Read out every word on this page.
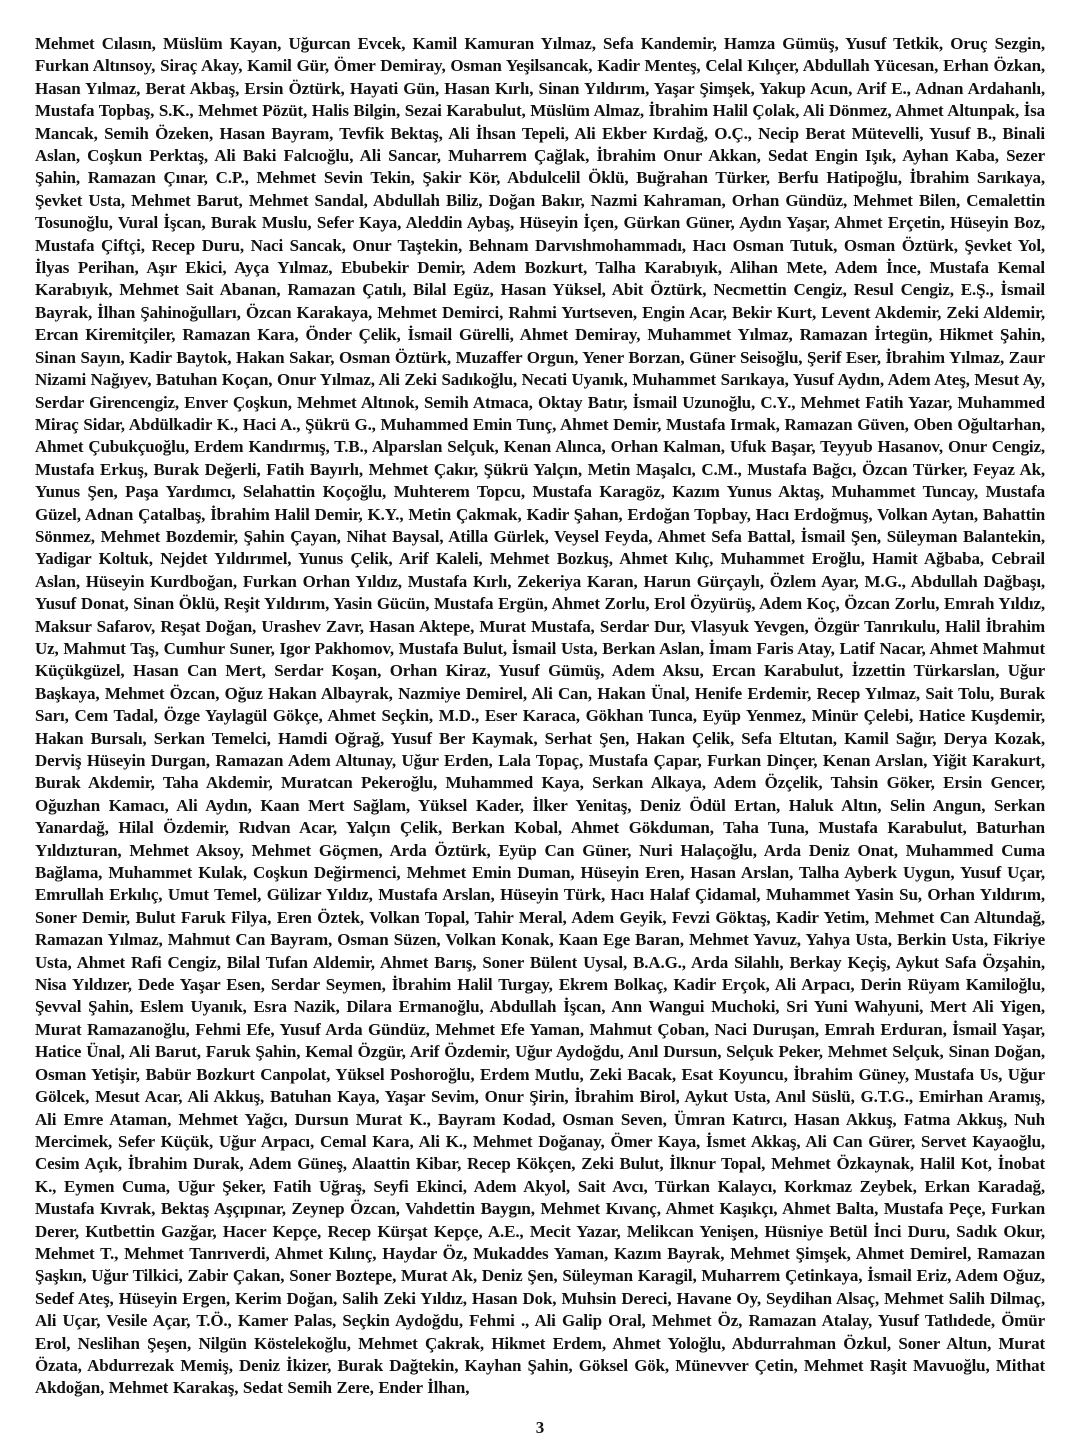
Mehmet Cılasın, Müslüm Kayan, Uğurcan Evcek, Kamil Kamuran Yılmaz, Sefa Kandemir, Hamza Gümüş, Yusuf Tetkik, Oruç Sezgin, Furkan Altınsoy, Siraç Akay, Kamil Gür, Ömer Demiray, Osman Yeşilsancak, Kadir Menteş, Celal Kılıçer, Abdullah Yücesan, Erhan Özkan, Hasan Yılmaz, Berat Akbaş, Ersin Öztürk, Hayati Gün, Hasan Kırlı, Sinan Yıldırım, Yaşar Şimşek, Yakup Acun, Arif E., Adnan Ardahanlı, Mustafa Topbaş, S.K., Mehmet Pözüt, Halis Bilgin, Sezai Karabulut, Müslüm Almaz, İbrahim Halil Çolak, Ali Dönmez, Ahmet Altunpak, İsa Mancak, Semih Özeken, Hasan Bayram, Tevfik Bektaş, Ali İhsan Tepeli, Ali Ekber Kırdağ, O.Ç., Necip Berat Mütevelli, Yusuf B., Binali Aslan, Coşkun Perktaş, Ali Baki Falcıoğlu, Ali Sancar, Muharrem Çağlak, İbrahim Onur Akkan, Sedat Engin Işık, Ayhan Kaba, Sezer Şahin, Ramazan Çınar, C.P., Mehmet Sevin Tekin, Şakir Kör, Abdulcelil Öklü, Buğrahan Türker, Berfu Hatipoğlu, İbrahim Sarıkaya, Şevket Usta, Mehmet Barut, Mehmet Sandal, Abdullah Biliz, Doğan Bakır, Nazmi Kahraman, Orhan Gündüz, Mehmet Bilen, Cemalettin Tosunoğlu, Vural İşcan, Burak Muslu, Sefer Kaya, Aleddin Aybaş, Hüseyin İçen, Gürkan Güner, Aydın Yaşar, Ahmet Erçetin, Hüseyin Boz, Mustafa Çiftçi, Recep Duru, Naci Sancak, Onur Taştekin, Behnam Darvıshmohammadı, Hacı Osman Tutuk, Osman Öztürk, Şevket Yol, İlyas Perihan, Aşır Ekici, Ayça Yılmaz, Ebubekir Demir, Adem Bozkurt, Talha Karabıyık, Alihan Mete, Adem İnce, Mustafa Kemal Karabıyık, Mehmet Sait Abanan, Ramazan Çatılı, Bilal Egüz, Hasan Yüksel, Abit Öztürk, Necmettin Cengiz, Resul Cengiz, E.Ş., İsmail Bayrak, İlhan Şahinoğulları, Özcan Karakaya, Mehmet Demirci, Rahmi Yurtseven, Engin Acar, Bekir Kurt, Levent Akdemir, Zeki Aldemir, Ercan Kiremitçiler, Ramazan Kara, Önder Çelik, İsmail Gürelli, Ahmet Demiray, Muhammet Yılmaz, Ramazan İrtegün, Hikmet Şahin, Sinan Sayın, Kadir Baytok, Hakan Sakar, Osman Öztürk, Muzaffer Orgun, Yener Borzan, Güner Seisoğlu, Şerif Eser, İbrahim Yılmaz, Zaur Nizami Nağıyev, Batuhan Koçan, Onur Yılmaz, Ali Zeki Sadıkoğlu, Necati Uyanık, Muhammet Sarıkaya, Yusuf Aydın, Adem Ateş, Mesut Ay, Serdar Girencengiz, Enver Çoşkun, Mehmet Altınok, Semih Atmaca, Oktay Batır, İsmail Uzunoğlu, C.Y., Mehmet Fatih Yazar, Muhammed Miraç Sidar, Abdülkadir K., Haci A., Şükrü G., Muhammed Emin Tunç, Ahmet Demir, Mustafa Irmak, Ramazan Güven, Oben Oğultarhan, Ahmet Çubukçuoğlu, Erdem Kandırmış, T.B., Alparslan Selçuk, Kenan Alınca, Orhan Kalman, Ufuk Başar, Teyyub Hasanov, Onur Cengiz, Mustafa Erkuş, Burak Değerli, Fatih Bayırlı, Mehmet Çakır, Şükrü Yalçın, Metin Maşalcı, C.M., Mustafa Bağcı, Özcan Türker, Feyaz Ak, Yunus Şen, Paşa Yardımcı, Selahattin Koçoğlu, Muhterem Topcu, Mustafa Karagöz, Kazım Yunus Aktaş, Muhammet Tuncay, Mustafa Güzel, Adnan Çatalbaş, İbrahim Halil Demir, K.Y., Metin Çakmak, Kadir Şahan, Erdoğan Topbay, Hacı Erdoğmuş, Volkan Aytan, Bahattin Sönmez, Mehmet Bozdemir, Şahin Çayan, Nihat Baysal, Atilla Gürlek, Veysel Feyda, Ahmet Sefa Battal, İsmail Şen, Süleyman Balantekin, Yadigar Koltuk, Nejdet Yıldırımel, Yunus Çelik, Arif Kaleli, Mehmet Bozkuş, Ahmet Kılıç, Muhammet Eroğlu, Hamit Ağbaba, Cebrail Aslan, Hüseyin Kurdboğan, Furkan Orhan Yıldız, Mustafa Kırlı, Zekeriya Karan, Harun Gürçaylı, Özlem Ayar, M.G., Abdullah Dağbaşı, Yusuf Donat, Sinan Öklü, Reşit Yıldırım, Yasin Gücün, Mustafa Ergün, Ahmet Zorlu, Erol Özyürüş, Adem Koç, Özcan Zorlu, Emrah Yıldız, Maksur Safarov, Reşat Doğan, Urashev Zavr, Hasan Aktepe, Murat Mustafa, Serdar Dur, Vlasyuk Yevgen, Özgür Tanrıkulu, Halil İbrahim Uz, Mahmut Taş, Cumhur Suner, Igor Pakhomov, Mustafa Bulut, İsmail Usta, Berkan Aslan, İmam Faris Atay, Latif Nacar, Ahmet Mahmut Küçükgüzel, Hasan Can Mert, Serdar Koşan, Orhan Kiraz, Yusuf Gümüş, Adem Aksu, Ercan Karabulut, İzzettin Türkarslan, Uğur Başkaya, Mehmet Özcan, Oğuz Hakan Albayrak, Nazmiye Demirel, Ali Can, Hakan Ünal, Henife Erdemir, Recep Yılmaz, Sait Tolu, Burak Sarı, Cem Tadal, Özge Yaylagül Gökçe, Ahmet Seçkin, M.D., Eser Karaca, Gökhan Tunca, Eyüp Yenmez, Minür Çelebi, Hatice Kuşdemir, Hakan Bursalı, Serkan Temelci, Hamdi Oğrağ, Yusuf Ber Kaymak, Serhat Şen, Hakan Çelik, Sefa Eltutan, Kamil Sağır, Derya Kozak, Derviş Hüseyin Durgan, Ramazan Adem Altunay, Uğur Erden, Lala Topaç, Mustafa Çapar, Furkan Dinçer, Kenan Arslan, Yiğit Karakurt, Burak Akdemir, Taha Akdemir, Muratcan Pekeroğlu, Muhammed Kaya, Serkan Alkaya, Adem Özçelik, Tahsin Göker, Ersin Gencer, Oğuzhan Kamacı, Ali Aydın, Kaan Mert Sağlam, Yüksel Kader, İlker Yenitaş, Deniz Ödül Ertan, Haluk Altın, Selin Angun, Serkan Yanardağ, Hilal Özdemir, Rıdvan Acar, Yalçın Çelik, Berkan Kobal, Ahmet Gökduman, Taha Tuna, Mustafa Karabulut, Baturhan Yıldızturan, Mehmet Aksoy, Mehmet Göçmen, Arda Öztürk, Eyüp Can Güner, Nuri Halaçoğlu, Arda Deniz Onat, Muhammed Cuma Bağlama, Muhammet Kulak, Coşkun Değirmenci, Mehmet Emin Duman, Hüseyin Eren, Hasan Arslan, Talha Ayberk Uygun, Yusuf Uçar, Emrullah Erkılıç, Umut Temel, Gülizar Yıldız, Mustafa Arslan, Hüseyin Türk, Hacı Halaf Çidamal, Muhammet Yasin Su, Orhan Yıldırım, Soner Demir, Bulut Faruk Filya, Eren Öztek, Volkan Topal, Tahir Meral, Adem Geyik, Fevzi Göktaş, Kadir Yetim, Mehmet Can Altundağ, Ramazan Yılmaz, Mahmut Can Bayram, Osman Süzen, Volkan Konak, Kaan Ege Baran, Mehmet Yavuz, Yahya Usta, Berkin Usta, Fikriye Usta, Ahmet Rafi Cengiz, Bilal Tufan Aldemir, Ahmet Barış, Soner Bülent Uysal, B.A.G., Arda Silahlı, Berkay Keçiş, Aykut Safa Özşahin, Nisa Yıldızer, Dede Yaşar Esen, Serdar Seymen, İbrahim Halil Turgay, Ekrem Bolkaç, Kadir Erçok, Ali Arpacı, Derin Rüyam Kamiloğlu, Şevval Şahin, Eslem Uyanık, Esra Nazik, Dilara Ermanoğlu, Abdullah İşcan, Ann Wangui Muchoki, Sri Yuni Wahyuni, Mert Ali Yigen, Murat Ramazanoğlu, Fehmi Efe, Yusuf Arda Gündüz, Mehmet Efe Yaman, Mahmut Çoban, Naci Duruşan, Emrah Erduran, İsmail Yaşar, Hatice Ünal, Ali Barut, Faruk Şahin, Kemal Özgür, Arif Özdemir, Uğur Aydoğdu, Anıl Dursun, Selçuk Peker, Mehmet Selçuk, Sinan Doğan, Osman Yetişir, Babür Bozkurt Canpolat, Yüksel Poshoroğlu, Erdem Mutlu, Zeki Bacak, Esat Koyuncu, İbrahim Güney, Mustafa Us, Uğur Gölcek, Mesut Acar, Ali Akkuş, Batuhan Kaya, Yaşar Sevim, Onur Şirin, İbrahim Birol, Aykut Usta, Anıl Süslü, G.T.G., Emirhan Aramış, Ali Emre Ataman, Mehmet Yağcı, Dursun Murat K., Bayram Kodad, Osman Seven, Ümran Katırcı, Hasan Akkuş, Fatma Akkuş, Nuh Mercimek, Sefer Küçük, Uğur Arpacı, Cemal Kara, Ali K., Mehmet Doğanay, Ömer Kaya, İsmet Akkaş, Ali Can Gürer, Servet Kayaoğlu, Cesim Açık, İbrahim Durak, Adem Güneş, Alaattin Kibar, Recep Kökçen, Zeki Bulut, İlknur Topal, Mehmet Özkaynak, Halil Kot, İnobat K., Eymen Cuma, Uğur Şeker, Fatih Uğraş, Seyfi Ekinci, Adem Akyol, Sait Avcı, Türkan Kalaycı, Korkmaz Zeybek, Erkan Karadağ, Mustafa Kıvrak, Bektaş Aşçıpınar, Zeynep Özcan, Vahdettin Baygın, Mehmet Kıvanç, Ahmet Kaşıkçı, Ahmet Balta, Mustafa Peçe, Furkan Derer, Kutbettin Gazğar, Hacer Kepçe, Recep Kürşat Kepçe, A.E., Mecit Yazar, Melikcan Yenişen, Hüsniye Betül İnci Duru, Sadık Okur, Mehmet T., Mehmet Tanrıverdi, Ahmet Kılınç, Haydar Öz, Mukaddes Yaman, Kazım Bayrak, Mehmet Şimşek, Ahmet Demirel, Ramazan Şaşkın, Uğur Tilkici, Zabir Çakan, Soner Boztepe, Murat Ak, Deniz Şen, Süleyman Karagil, Muharrem Çetinkaya, İsmail Eriz, Adem Oğuz, Sedef Ateş, Hüseyin Ergen, Kerim Doğan, Salih Zeki Yıldız, Hasan Dok, Muhsin Dereci, Havane Oy, Seydihan Alsaç, Mehmet Salih Dilmaç, Ali Uçar, Vesile Açar, T.Ö., Kamer Palas, Seçkin Aydoğdu, Fehmi ., Ali Galip Oral, Mehmet Öz, Ramazan Atalay, Yusuf Tatlıdede, Ömür Erol, Neslihan Şeşen, Nilgün Köstelekoğlu, Mehmet Çakrak, Hikmet Erdem, Ahmet Yoloğlu, Abdurrahman Özkul, Soner Altun, Murat Özata, Abdurrezak Memiş, Deniz İkizer, Burak Dağtekin, Kayhan Şahin, Göksel Gök, Münevver Çetin, Mehmet Raşit Mavuoğlu, Mithat Akdoğan, Mehmet Karakaş, Sedat Semih Zere, Ender İlhan,

3
